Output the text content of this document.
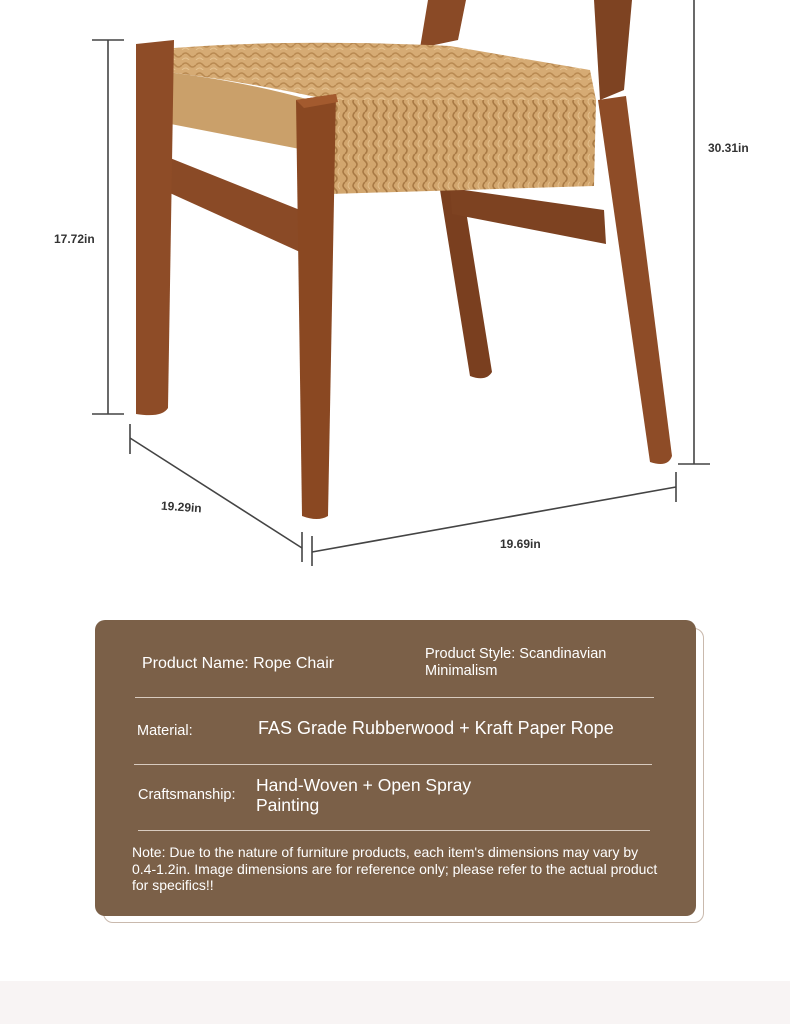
17.72in
30.31in
19.29in
19.69in
Product Name: Rope Chair
Product Style: Scandinavian Minimalism
Material:	FAS Grade Rubberwood + Kraft Paper Rope
Craftsmanship: Hand-Woven + Open Spray Painting
Note: Due to the nature of furniture products, each item's dimensions may vary by 0.4-1.2in. Image dimensions are for reference only; please refer to the actual product for specifics!!
